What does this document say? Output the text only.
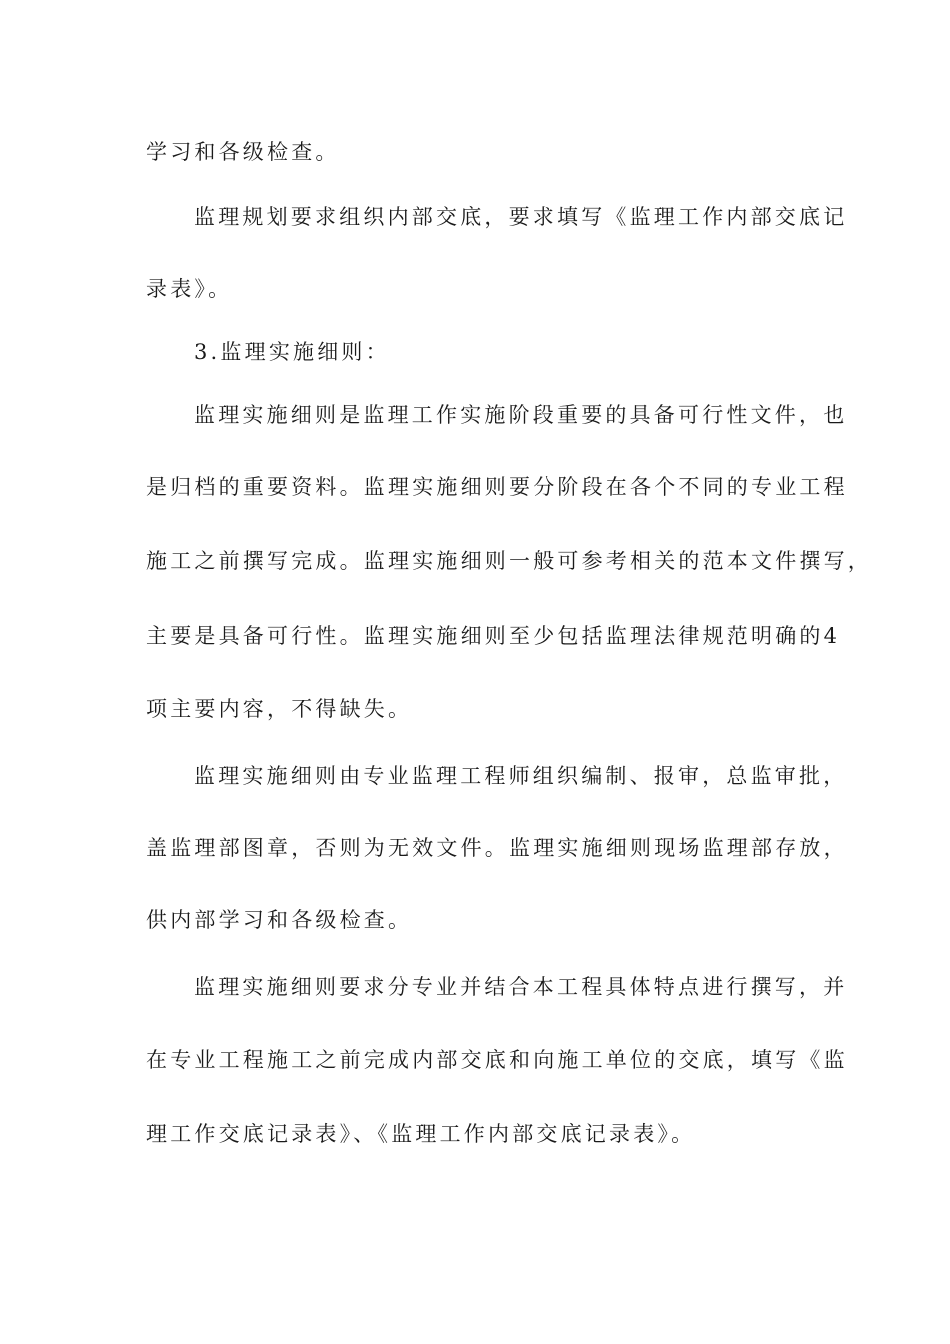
学习和各级检查。
监理规划要求组织内部交底，要求填写《监理工作内部交底记
录表》。
3.监理实施细则：
监理实施细则是监理工作实施阶段重要的具备可行性文件，也
是归档的重要资料。监理实施细则要分阶段在各个不同的专业工程
施工之前撰写完成。监理实施细则一般可参考相关的范本文件撰写，
主要是具备可行性。监理实施细则至少包括监理法律规范明确的4
项主要内容，不得缺失。
监理实施细则由专业监理工程师组织编制、报审，总监审批，
盖监理部图章，否则为无效文件。监理实施细则现场监理部存放，
供内部学习和各级检查。
监理实施细则要求分专业并结合本工程具体特点进行撰写，并
在专业工程施工之前完成内部交底和向施工单位的交底，填写《监
理工作交底记录表》、《监理工作内部交底记录表》。
